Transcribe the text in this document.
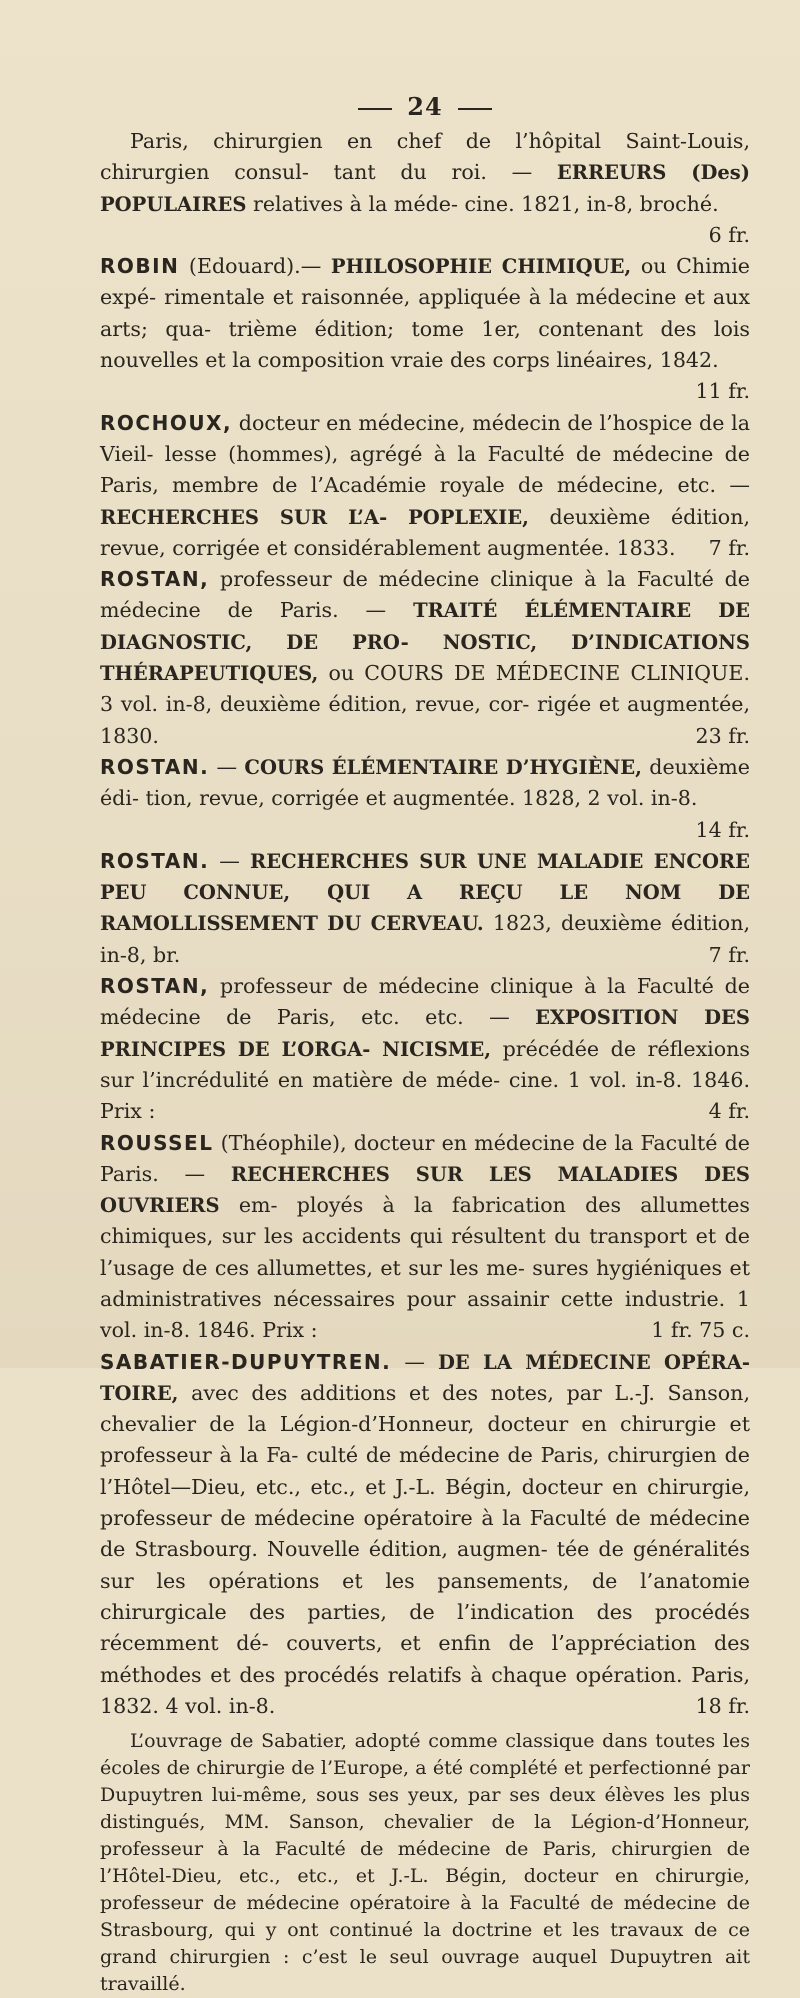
24

Paris, chirurgien en chef de l’hôpital Saint-Louis, chirurgien consul- tant du roi. — ERREURS (Des) POPULAIRES relatives à la méde- cine. 1821, in-8, broché.
6 fr.

ROBIN (Edouard).— PHILOSOPHIE CHIMIQUE, ou Chimie expé- rimentale et raisonnée, appliquée à la médecine et aux arts; qua- trième édition; tome 1er, contenant des lois nouvelles et la composition vraie des corps linéaires, 1842.
11 fr.

ROCHOUX, docteur en médecine, médecin de l’hospice de la Vieil- lesse (hommes), agrégé à la Faculté de médecine de Paris, membre de l’Académie royale de médecine, etc. — RECHERCHES SUR L’A- POPLEXIE, deuxième édition, revue, corrigée et considérablement augmentée. 1833. 7 fr.

ROSTAN, professeur de médecine clinique à la Faculté de médecine de Paris. — TRAITÉ ÉLÉMENTAIRE DE DIAGNOSTIC, DE PRO- NOSTIC, D’INDICATIONS THÉRAPEUTIQUES, ou COURS DE MÉDECINE CLINIQUE. 3 vol. in-8, deuxième édition, revue, cor- rigée et augmentée, 1830.	23 fr.

ROSTAN. — COURS ÉLÉMENTAIRE D’HYGIÈNE, deuxième édi- tion, revue, corrigée et augmentée. 1828, 2 vol. in-8.
14 fr.

ROSTAN. — RECHERCHES SUR UNE MALADIE ENCORE PEU CONNUE, QUI A REÇU LE NOM DE RAMOLLISSEMENT DU CERVEAU. 1823, deuxième édition, in-8, br.	7 fr.

ROSTAN, professeur de médecine clinique à la Faculté de médecine de Paris, etc. etc. — EXPOSITION DES PRINCIPES DE L’ORGA- NICISME, précédée de réflexions sur l’incrédulité en matière de méde- cine. 1 vol. in-8. 1846. Prix :	4 fr.

ROUSSEL (Théophile), docteur en médecine de la Faculté de Paris. — RECHERCHES SUR LES MALADIES DES OUVRIERS em- ployés à la fabrication des allumettes chimiques, sur les accidents qui résultent du transport et de l’usage de ces allumettes, et sur les me- sures hygiéniques et administratives nécessaires pour assainir cette industrie. 1 vol. in-8. 1846. Prix :	1 fr. 75 c.

SABATIER-DUPUYTREN. — DE LA MÉDECINE OPÉRA- TOIRE, avec des additions et des notes, par L.-J. Sanson, chevalier de la Légion-d’Honneur, docteur en chirurgie et professeur à la Fa- culté de médecine de Paris, chirurgien de l’Hôtel—Dieu, etc., etc., et J.-L. Bégin, docteur en chirurgie, professeur de médecine opératoire à la Faculté de médecine de Strasbourg. Nouvelle édition, augmen- tée de généralités sur les opérations et les pansements, de l’anatomie chirurgicale des parties, de l’indication des procédés récemment dé- couverts, et enfin de l’appréciation des méthodes et des procédés relatifs à chaque opération. Paris, 1832. 4 vol. in-8.	18 fr.

L’ouvrage de Sabatier, adopté comme classique dans toutes les écoles de chirurgie de l’Europe, a été complété et perfectionné par Dupuytren lui-même, sous ses yeux, par ses deux élèves les plus distingués, MM. Sanson, chevalier de la Légion-d’Honneur, professeur à la Faculté de médecine de Paris, chirurgien de l’Hôtel-Dieu, etc., etc., et J.-L. Bégin, docteur en chirurgie, professeur de médecine opératoire à la Faculté de médecine de Strasbourg, qui y ont continué la doctrine et les travaux de ce grand chirurgien : c’est le seul ouvrage auquel Dupuytren ait travaillé.
